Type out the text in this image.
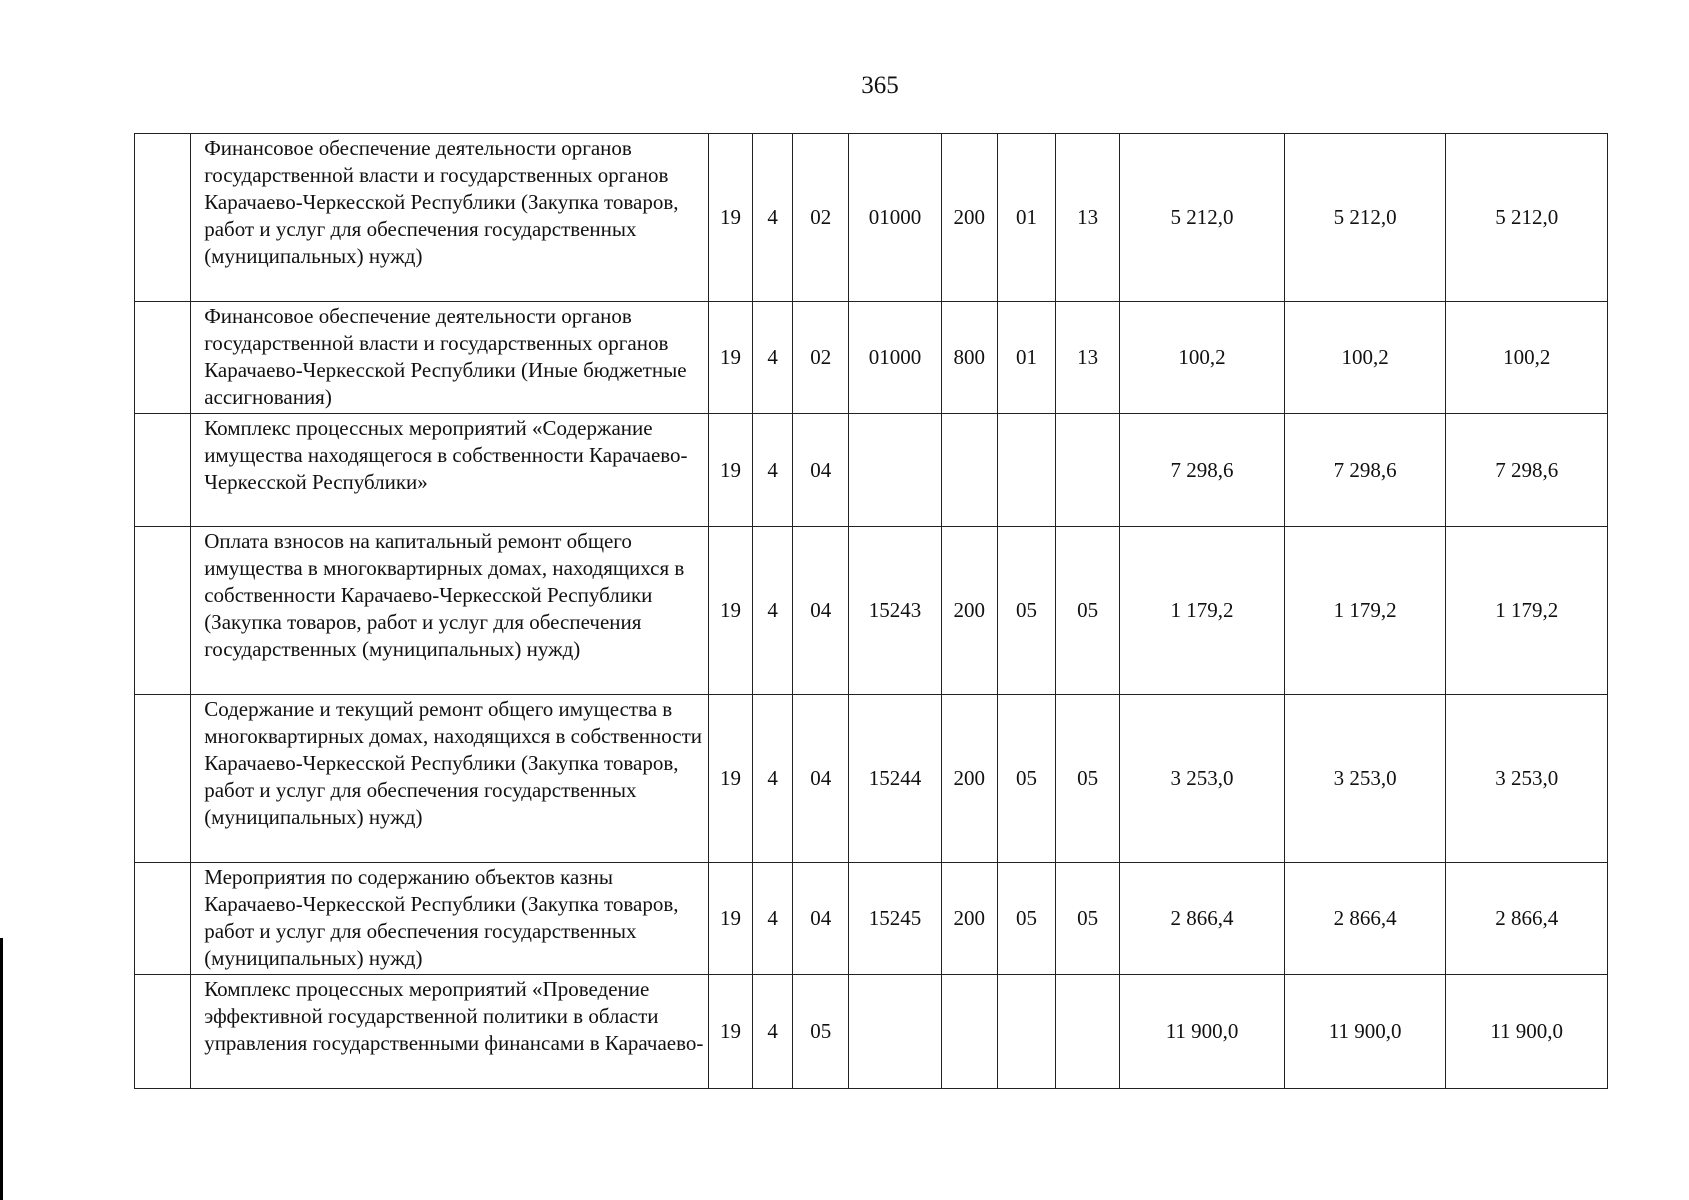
365
	Финансовое обеспечение деятельности органов государственной власти и государственных органов Карачаево-Черкесской Республики (Закупка товаров, работ и услуг для обеспечения государственных (муниципальных) нужд)	19	4	02	01000	200	01	13	5 212,0	5 212,0	5 212,0
	Финансовое обеспечение деятельности органов государственной власти и государственных органов Карачаево-Черкесской Республики (Иные бюджетные ассигнования)	19	4	02	01000	800	01	13	100,2	100,2	100,2
	Комплекс процессных мероприятий «Содержание имущества находящегося в собственности Карачаево-Черкесской Республики»	19	4	04					7 298,6	7 298,6	7 298,6
	Оплата взносов на капитальный ремонт общего имущества в многоквартирных домах, находящихся в собственности Карачаево-Черкесской Республики (Закупка товаров, работ и услуг для обеспечения государственных (муниципальных) нужд)	19	4	04	15243	200	05	05	1 179,2	1 179,2	1 179,2
	Содержание и текущий ремонт общего имущества в многоквартирных домах, находящихся в собственности Карачаево-Черкесской Республики (Закупка товаров, работ и услуг для обеспечения государственных (муниципальных) нужд)	19	4	04	15244	200	05	05	3 253,0	3 253,0	3 253,0
	Мероприятия по содержанию объектов казны Карачаево-Черкесской Республики (Закупка товаров, работ и услуг для обеспечения государственных (муниципальных) нужд)	19	4	04	15245	200	05	05	2 866,4	2 866,4	2 866,4
	Комплекс процессных мероприятий «Проведение эффективной государственной политики в области управления государственными финансами в Карачаево-	19	4	05					11 900,0	11 900,0	11 900,0
